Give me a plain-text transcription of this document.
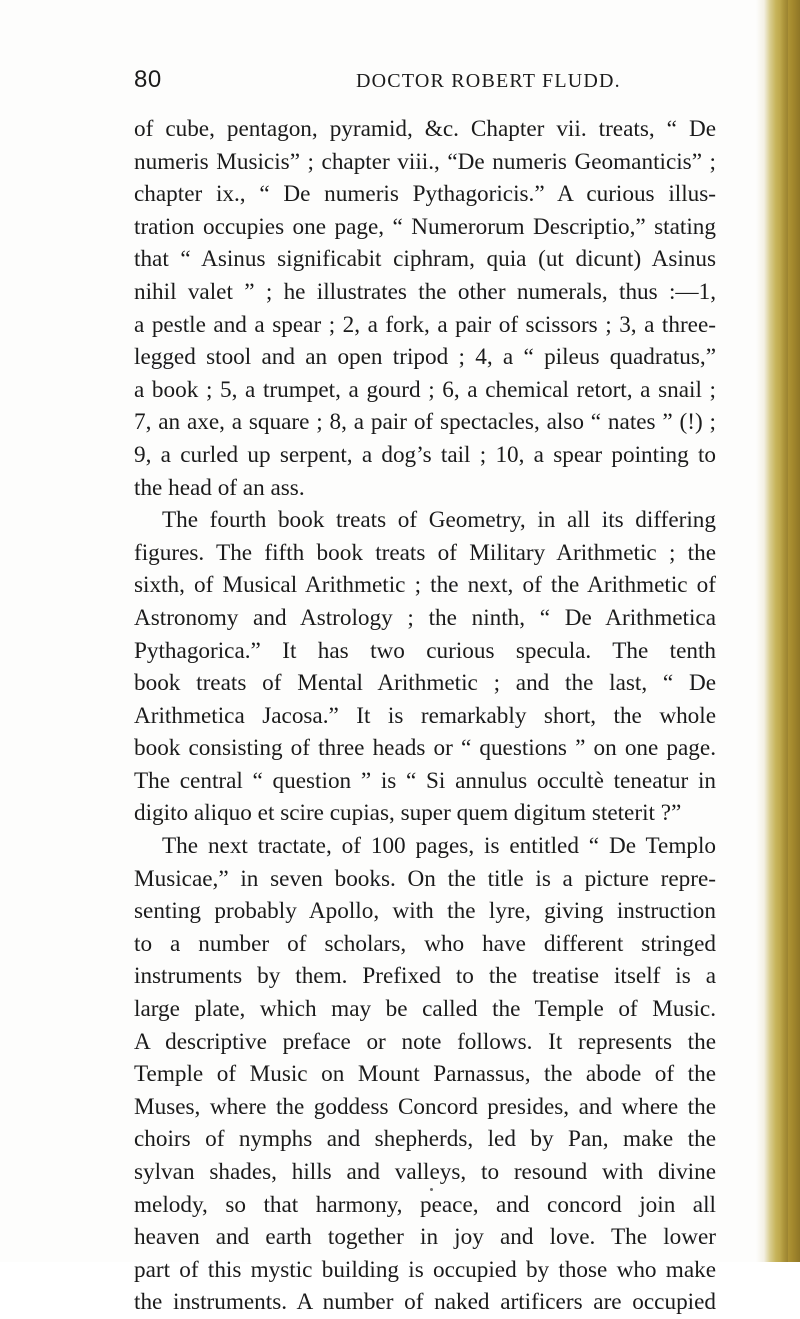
80	DOCTOR ROBERT FLUDD.
of cube, pentagon, pyramid, &c. Chapter vii. treats, “ De
numeris Musicis” ; chapter viii., “De numeris Geomanticis” ;
chapter ix., “ De numeris Pythagoricis.” A curious illus-
tration occupies one page, “ Numerorum Descriptio,” stating
that “ Asinus significabit ciphram, quia (ut dicunt) Asinus
nihil valet ” ; he illustrates the other numerals, thus :—1,
a pestle and a spear ; 2, a fork, a pair of scissors ; 3, a three-
legged stool and an open tripod ; 4, a “ pileus quadratus,”
a book ; 5, a trumpet, a gourd ; 6, a chemical retort, a snail ;
7, an axe, a square ; 8, a pair of spectacles, also “ nates ” (!) ;
9, a curled up serpent, a dog’s tail ; 10, a spear pointing to
the head of an ass.
The fourth book treats of Geometry, in all its differing
figures. The fifth book treats of Military Arithmetic ; the
sixth, of Musical Arithmetic ; the next, of the Arithmetic of
Astronomy and Astrology ; the ninth, “ De Arithmetica
Pythagorica.” It has two curious specula. The tenth
book treats of Mental Arithmetic ; and the last, “ De
Arithmetica Jacosa.” It is remarkably short, the whole
book consisting of three heads or “ questions ” on one page.
The central “ question ” is “ Si annulus occultè teneatur in
digito aliquo et scire cupias, super quem digitum steterit ?”
The next tractate, of 100 pages, is entitled “ De Templo
Musicae,” in seven books. On the title is a picture repre-
senting probably Apollo, with the lyre, giving instruction
to a number of scholars, who have different stringed
instruments by them. Prefixed to the treatise itself is a
large plate, which may be called the Temple of Music.
A descriptive preface or note follows. It represents the
Temple of Music on Mount Parnassus, the abode of the
Muses, where the goddess Concord presides, and where the
choirs of nymphs and shepherds, led by Pan, make the
sylvan shades, hills and valleys, to resound with divine
melody, so that harmony, peace, and concord join all
heaven and earth together in joy and love. The lower
part of this mystic building is occupied by those who make
the instruments. A number of naked artificers are occupied
